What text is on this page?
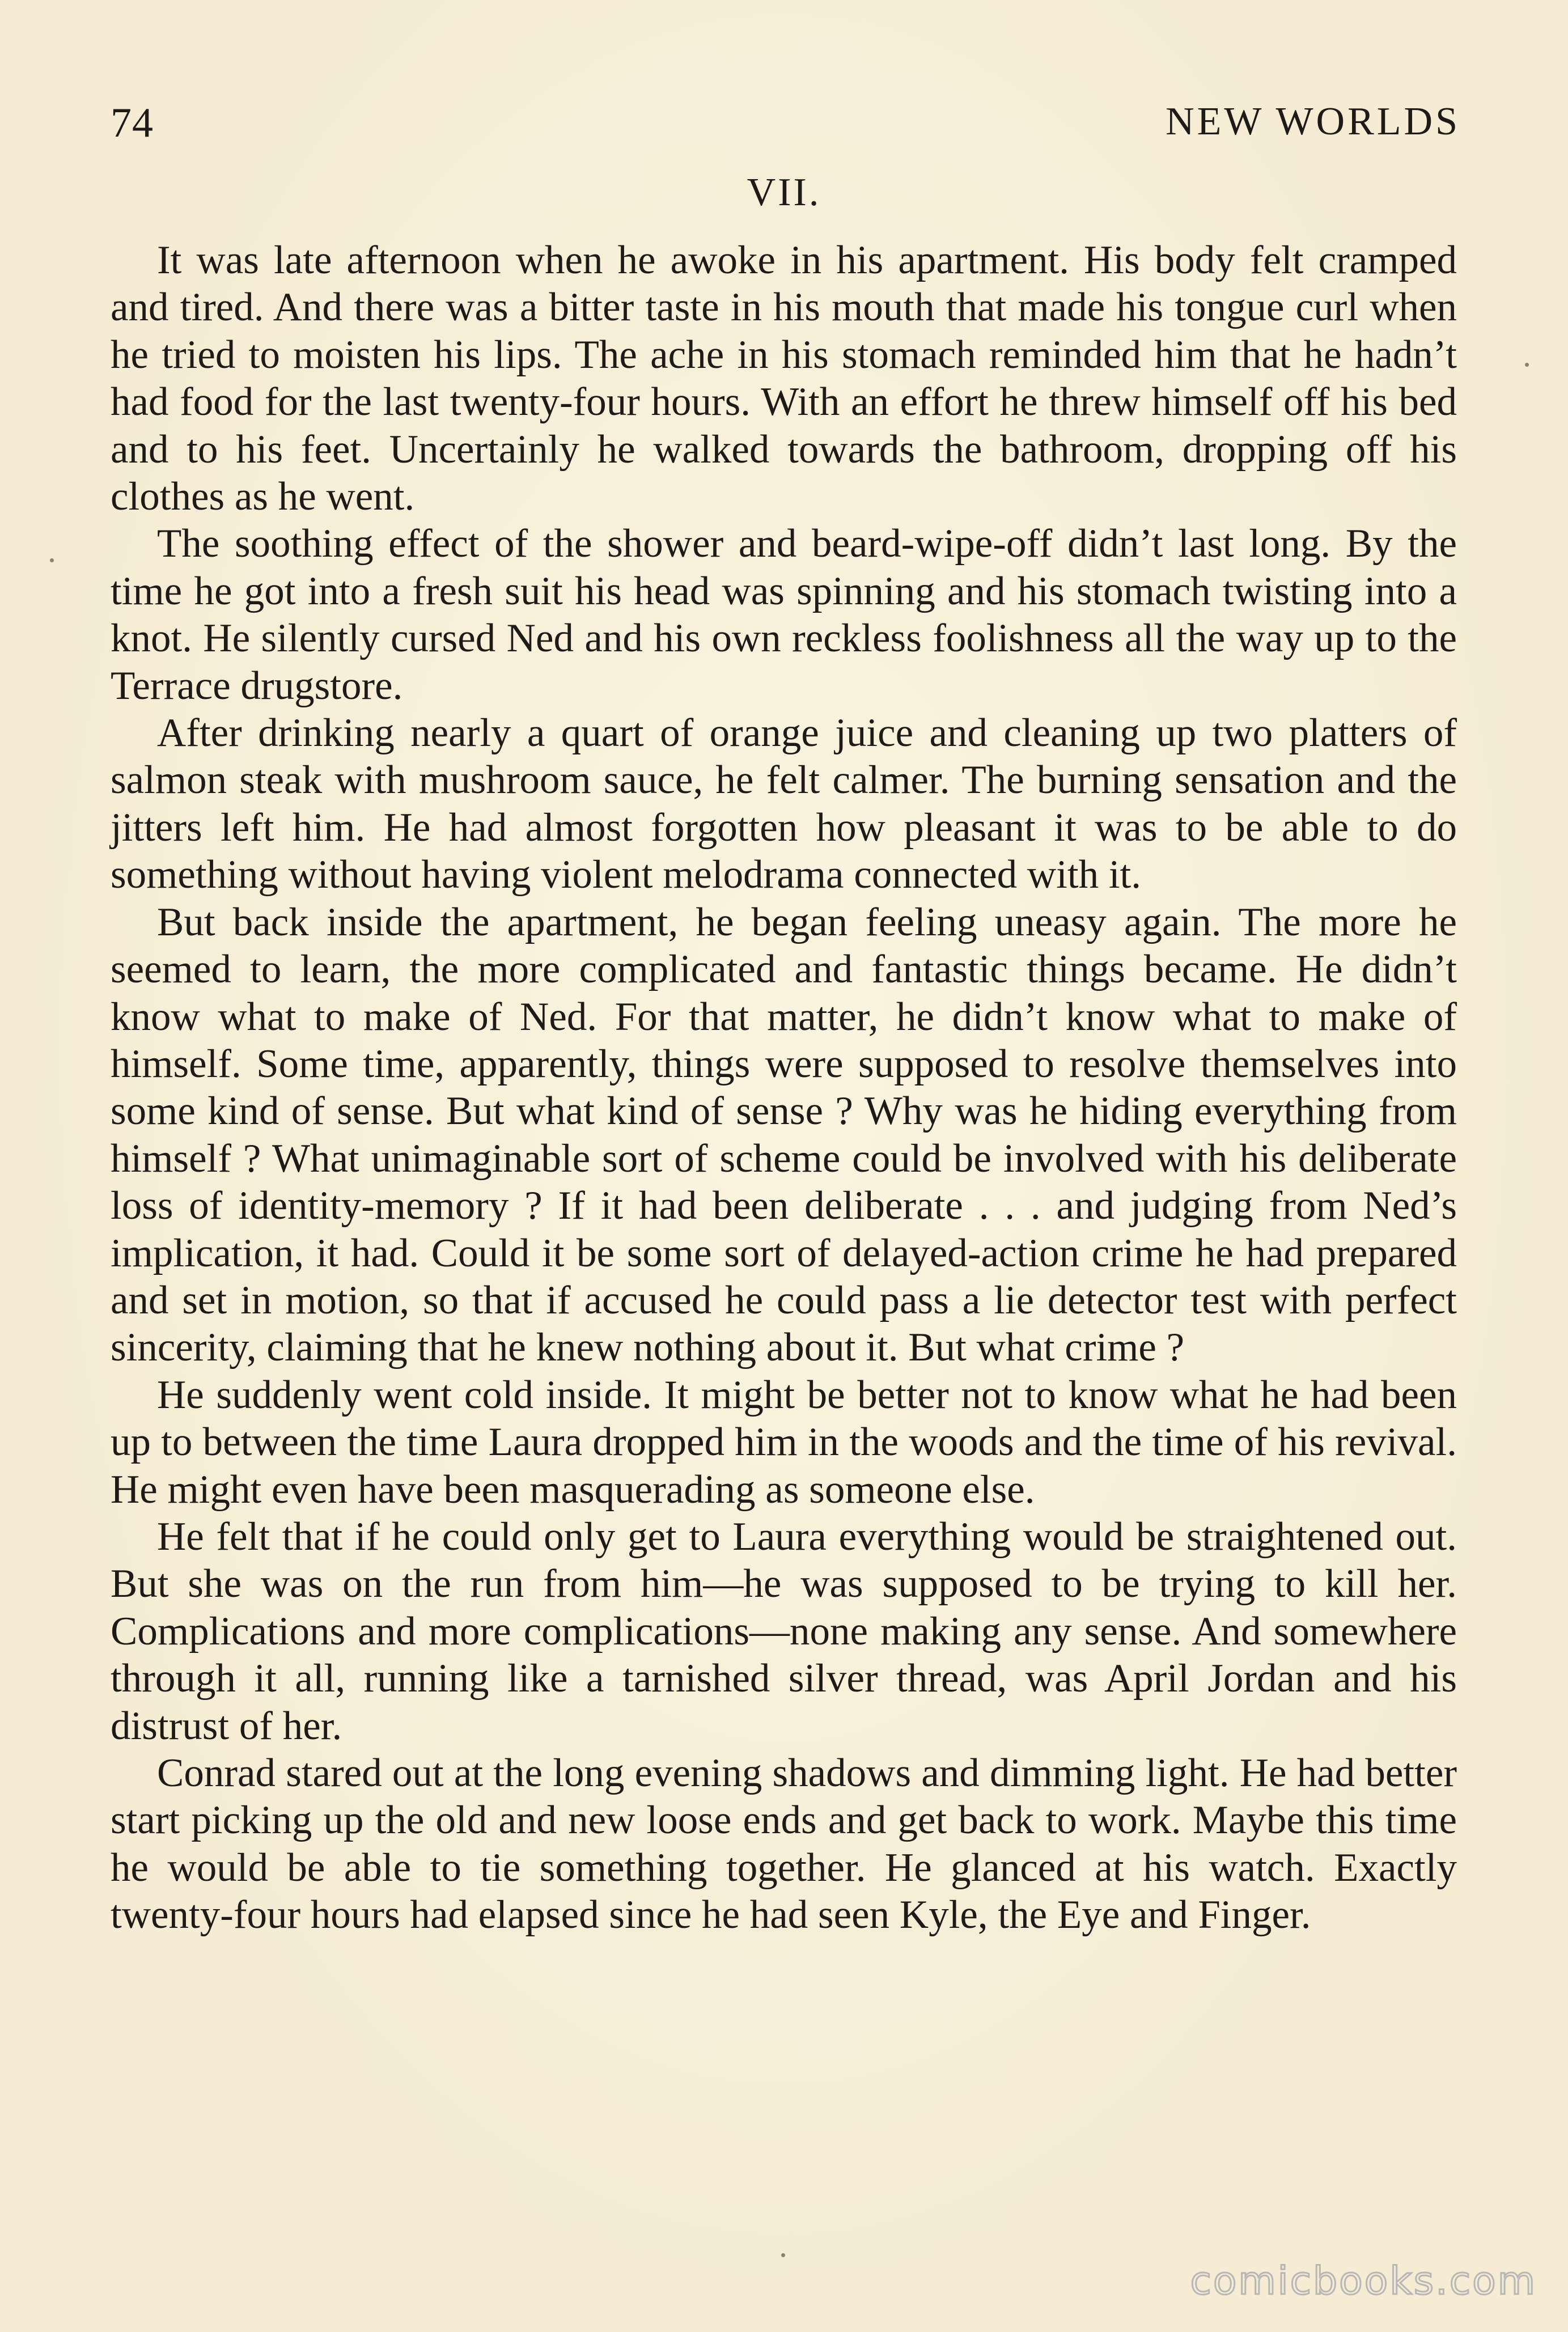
74	NEW WORLDS
VII.

It was late afternoon when he awoke in his apartment. His body felt cramped and tired. And there was a bitter taste in his mouth that made his tongue curl when he tried to moisten his lips. The ache in his stomach reminded him that he hadn’t had food for the last twenty-four hours. With an effort he threw himself off his bed and to his feet. Uncertainly he walked towards the bathroom, dropping off his clothes as he went.

The soothing effect of the shower and beard-wipe-off didn’t last long. By the time he got into a fresh suit his head was spinning and his stomach twisting into a knot. He silently cursed Ned and his own reckless foolishness all the way up to the Terrace drugstore.

After drinking nearly a quart of orange juice and cleaning up two platters of salmon steak with mushroom sauce, he felt calmer. The burning sensation and the jitters left him. He had almost forgotten how pleasant it was to be able to do something without having violent melodrama connected with it.

But back inside the apartment, he began feeling uneasy again. The more he seemed to learn, the more complicated and fantastic things became. He didn’t know what to make of Ned. For that matter, he didn’t know what to make of himself. Some time, apparently, things were supposed to resolve themselves into some kind of sense. But what kind of sense ? Why was he hiding everything from himself ? What unimaginable sort of scheme could be involved with his deliberate loss of identity-memory ? If it had been deliberate . . . and judging from Ned’s implication, it had. Could it be some sort of delayed-action crime he had prepared and set in motion, so that if accused he could pass a lie detector test with perfect sincerity, claiming that he knew nothing about it. But what crime ?

He suddenly went cold inside. It might be better not to know what he had been up to between the time Laura dropped him in the woods and the time of his revival. He might even have been masquerading as someone else.

He felt that if he could only get to Laura everything would be straightened out. But she was on the run from him—he was supposed to be trying to kill her. Complications and more complications—none making any sense. And somewhere through it all, running like a tarnished silver thread, was April Jordan and his distrust of her.

Conrad stared out at the long evening shadows and dimming light. He had better start picking up the old and new loose ends and get back to work. Maybe this time he would be able to tie something together. He glanced at his watch. Exactly twenty-four hours had elapsed since he had seen Kyle, the Eye and Finger.

comicbooks.com
